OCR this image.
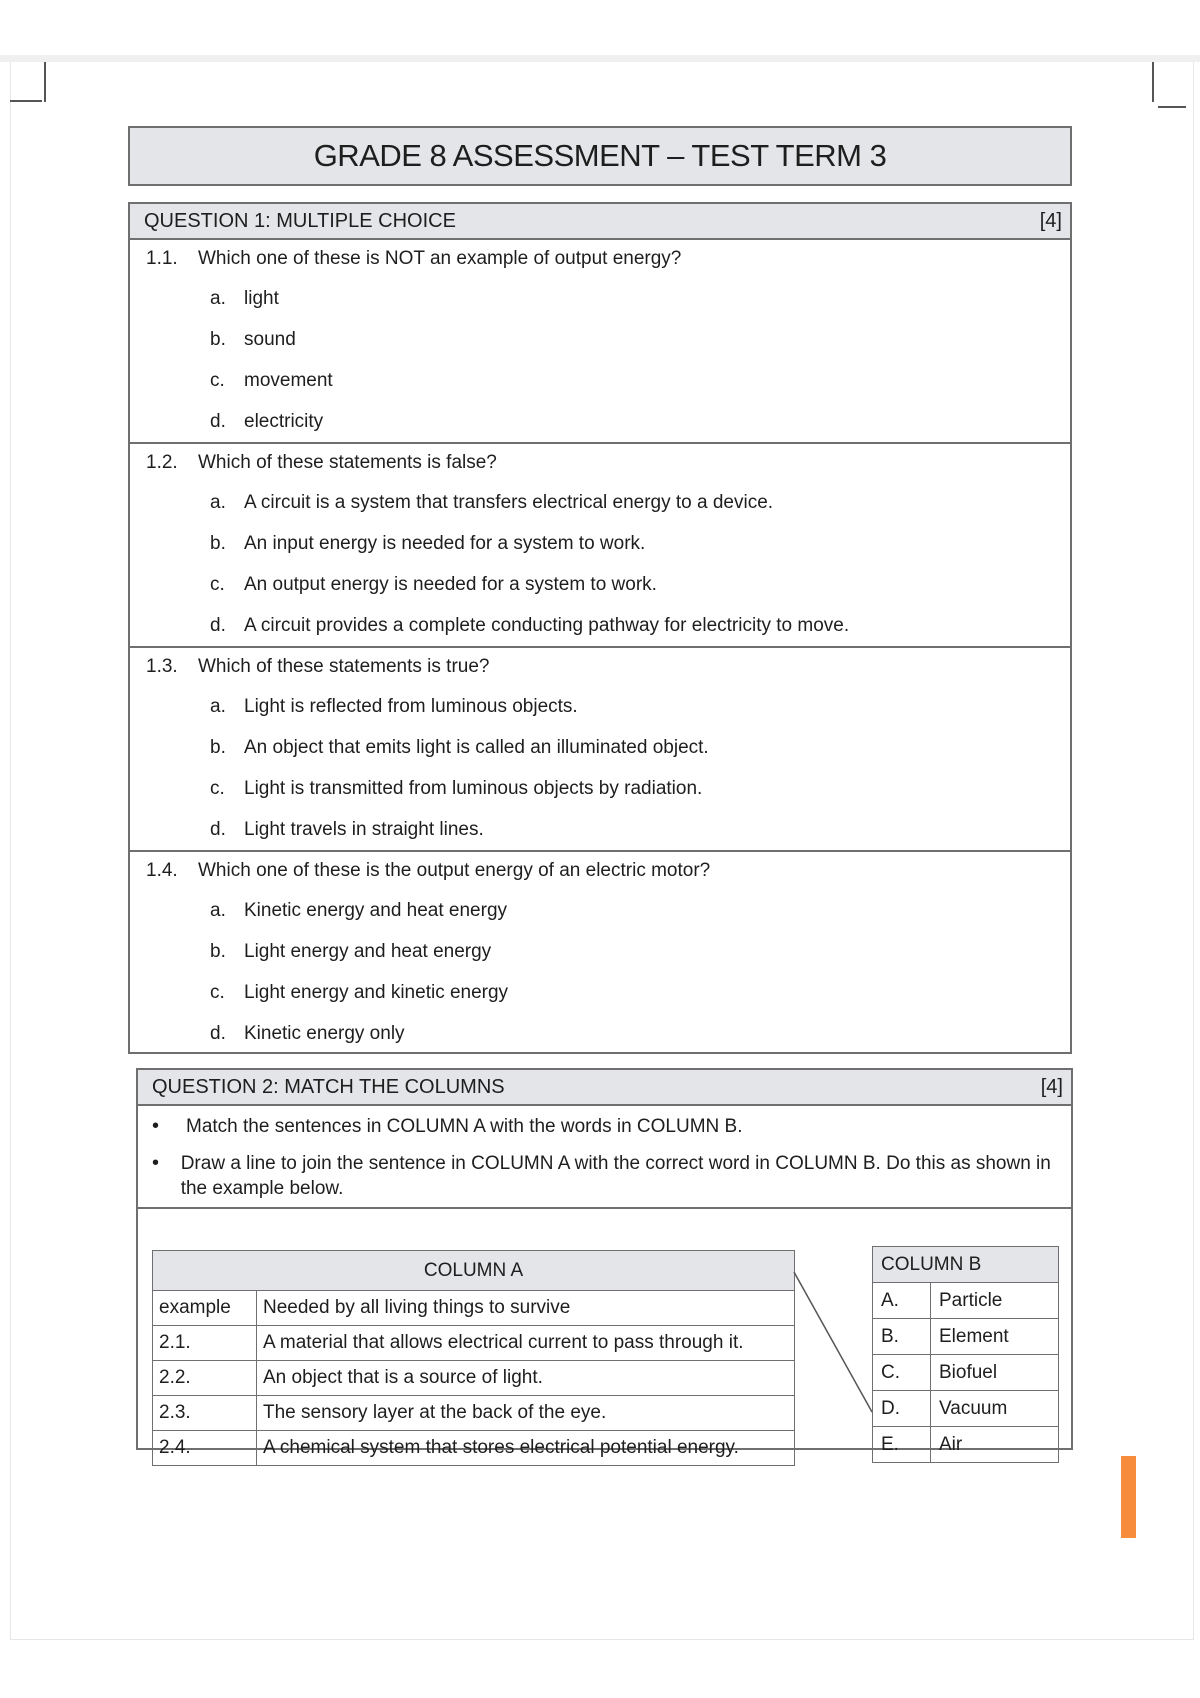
GRADE 8 ASSESSMENT – TEST TERM 3
QUESTION 1: MULTIPLE CHOICE	[4]
1.1.	Which one of these is NOT an example of output energy?
a. light
b. sound
c.	movement
d. electricity
1.2.	Which of these statements is false?
a. A circuit is a system that transfers electrical energy to a device.
b. An input energy is needed for a system to work.
c.	An output energy is needed for a system to work.
d. A circuit provides a complete conducting pathway for electricity to move.
1.3.	Which of these statements is true?
a. Light is reflected from luminous objects.
b. An object that emits light is called an illuminated object.
c.	Light is transmitted from luminous objects by radiation.
d. Light travels in straight lines.
1.4.	Which one of these is the output energy of an electric motor?
a. Kinetic energy and heat energy
b. Light energy and heat energy
c.	Light energy and kinetic energy
d. Kinetic energy only
QUESTION 2: MATCH THE COLUMNS	[4]
•	Match the sentences in COLUMN A with the words in COLUMN B.
•	Draw a line to join the sentence in COLUMN A with the correct word in COLUMN B. Do this as shown in the example below.
COLUMN A	
example	Needed by all living things to survive
2.1.	A material that allows electrical current to pass through it.
2.2.	An object that is a source of light.
2.3.	The sensory layer at the back of the eye.
2.4.	A chemical system that stores electrical potential energy.
COLUMN B	
A.	Particle
B.	Element
C.	Biofuel
D.	Vacuum
E.	Air
